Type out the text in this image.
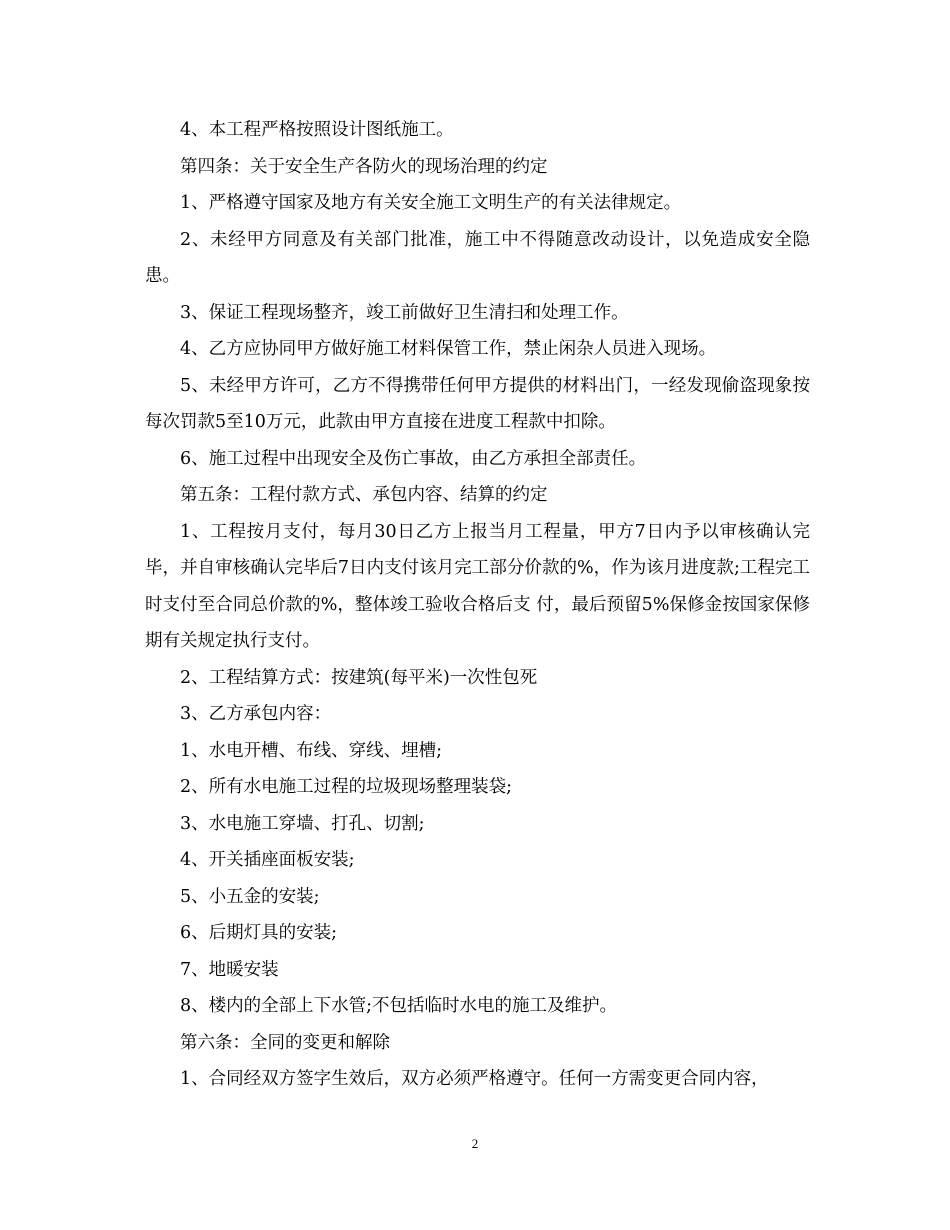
4、本工程严格按照设计图纸施工。

第四条：关于安全生产各防火的现场治理的约定

1、严格遵守国家及地方有关安全施工文明生产的有关法律规定。

2、未经甲方同意及有关部门批准，施工中不得随意改动设计，以免造成安全隐患。

3、保证工程现场整齐，竣工前做好卫生清扫和处理工作。

4、乙方应协同甲方做好施工材料保管工作，禁止闲杂人员进入现场。

5、未经甲方许可，乙方不得携带任何甲方提供的材料出门，一经发现偷盗现象按每次罚款5至10万元，此款由甲方直接在进度工程款中扣除。

6、施工过程中出现安全及伤亡事故，由乙方承担全部责任。

第五条：工程付款方式、承包内容、结算的约定

1、工程按月支付，每月30日乙方上报当月工程量，甲方7日内予以审核确认完毕，并自审核确认完毕后7日内支付该月完工部分价款的%，作为该月进度款;工程完工时支付至合同总价款的%，整体竣工验收合格后支 付，最后预留5%保修金按国家保修期有关规定执行支付。

2、工程结算方式：按建筑(每平米)一次性包死

3、乙方承包内容：

1、水电开槽、布线、穿线、埋槽;

2、所有水电施工过程的垃圾现场整理装袋;

3、水电施工穿墙、打孔、切割;

4、开关插座面板安装;

5、小五金的安装;

6、后期灯具的安装;

7、地暖安装

8、楼内的全部上下水管;不包括临时水电的施工及维护。

第六条：全同的变更和解除

1、合同经双方签字生效后，双方必须严格遵守。任何一方需变更合同内容，

2
